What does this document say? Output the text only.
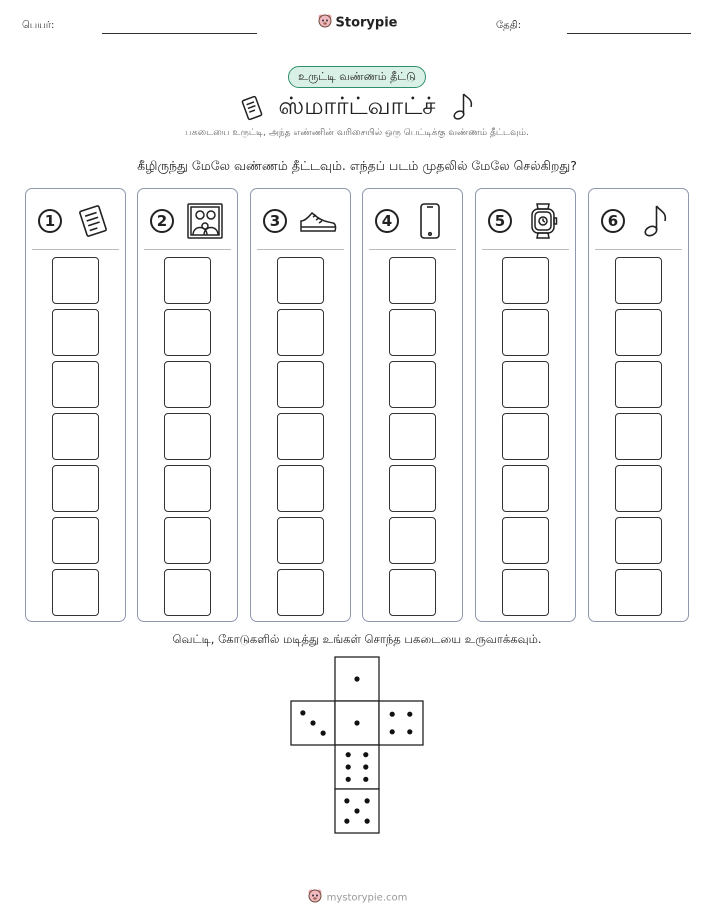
பெயர்:	Storypie	தேதி:
உருட்டி வண்ணம் தீட்டு
ஸ்மார்ட்வாட்ச்
பகடையை உருட்டி, அந்த எண்ணின் வரிசையில் ஒரு பெட்டிக்கு வண்ணம் தீட்டவும்.
கீழிருந்து மேலே வண்ணம் தீட்டவும். எந்தப் படம் முதலில் மேலே செல்கிறது?
1	2	3	4	5	6
வெட்டி, கோடுகளில் மடித்து உங்கள் சொந்த பகடையை உருவாக்கவும்.
mystorypie.com
